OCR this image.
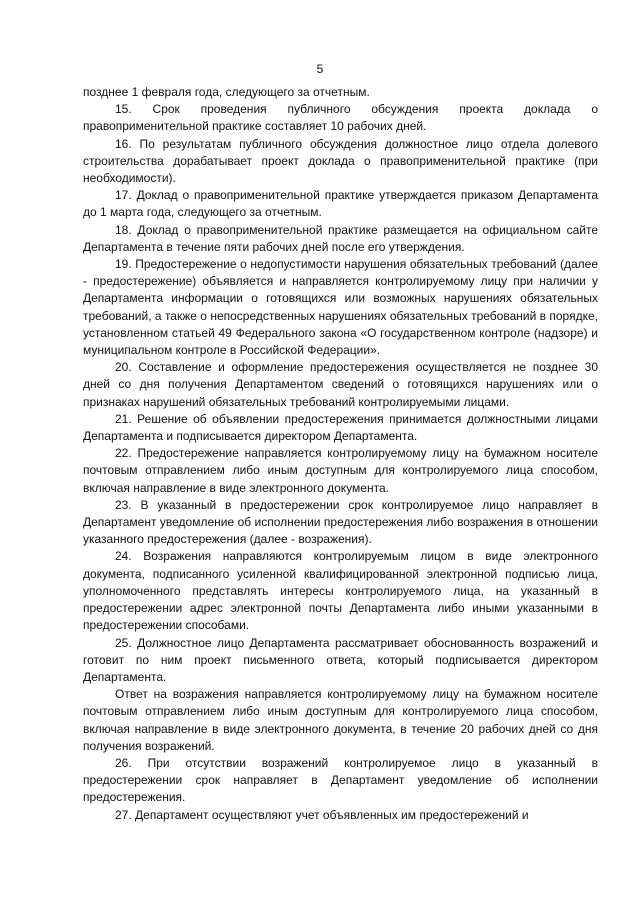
5

позднее 1 февраля года, следующего за отчетным.

15. Срок проведения публичного обсуждения проекта доклада о правоприменительной практике составляет 10 рабочих дней.

16. По результатам публичного обсуждения должностное лицо отдела долевого строительства дорабатывает проект доклада о правоприменительной практике (при необходимости).

17. Доклад о правоприменительной практике утверждается приказом Департамента до 1 марта года, следующего за отчетным.

18. Доклад о правоприменительной практике размещается на официальном сайте Департамента в течение пяти рабочих дней после его утверждения.

19. Предостережение о недопустимости нарушения обязательных требований (далее - предостережение) объявляется и направляется контролируемому лицу при наличии у Департамента информации о готовящихся или возможных нарушениях обязательных требований, а также о непосредственных нарушениях обязательных требований в порядке, установленном статьей 49 Федерального закона «О государственном контроле (надзоре) и муниципальном контроле в Российской Федерации».

20. Составление и оформление предостережения осуществляется не позднее 30 дней со дня получения Департаментом сведений о готовящихся нарушениях или о признаках нарушений обязательных требований контролируемыми лицами.

21. Решение об объявлении предостережения принимается должностными лицами Департамента и подписывается директором Департамента.

22. Предостережение направляется контролируемому лицу на бумажном носителе почтовым отправлением либо иным доступным для контролируемого лица способом, включая направление в виде электронного документа.

23. В указанный в предостережении срок контролируемое лицо направляет в Департамент уведомление об исполнении предостережения либо возражения в отношении указанного предостережения (далее - возражения).

24. Возражения направляются контролируемым лицом в виде электронного документа, подписанного усиленной квалифицированной электронной подписью лица, уполномоченного представлять интересы контролируемого лица, на указанный в предостережении адрес электронной почты Департамента либо иными указанными в предостережении способами.

25. Должностное лицо Департамента рассматривает обоснованность возражений и готовит по ним проект письменного ответа, который подписывается директором Департамента.

Ответ на возражения направляется контролируемому лицу на бумажном носителе почтовым отправлением либо иным доступным для контролируемого лица способом, включая направление в виде электронного документа, в течение 20 рабочих дней со дня получения возражений.

26. При отсутствии возражений контролируемое лицо в указанный в предостережении срок направляет в Департамент уведомление об исполнении предостережения.

27. Департамент осуществляют учет объявленных им предостережений и
